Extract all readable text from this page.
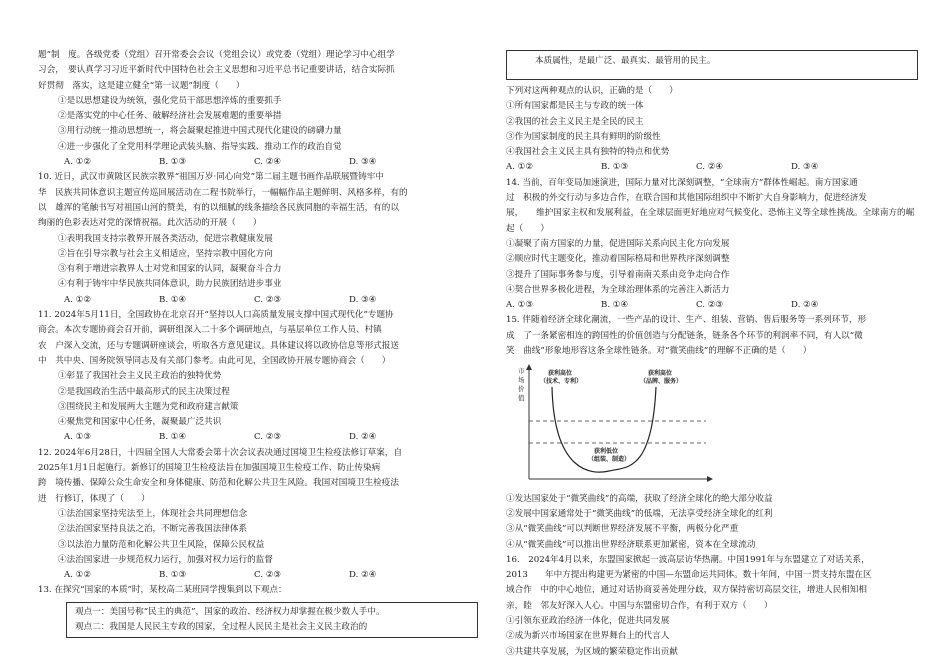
题”制　度。各级党委（党组）召开常委会会议（党组会议）或党委（党组）理论学习中心组学

习会，　要认真学习习近平新时代中国特色社会主义思想和习近平总书记重要讲话，结合实际抓

好贯彻　落实，这是建立健全“第一议题”制度（　　）

①是以思想建设为统领，强化党员干部思想淬炼的重要抓手

②是落实党的中心任务、破解经济社会发展难题的重要举措

③用行动统一推动思想统一，将会凝聚起推进中国式现代化建设的磅礴力量

④进一步强化了全党用科学理论武装头脑、指导实践、推动工作的政治自觉

A. ①②	B. ①③	C. ②④	D. ③④

10. 近日，武汉市黄陂区民族宗教界“祖国万岁·同心向党”第二届主题书画作品联展暨铸牢中

华　民族共同体意识主题宣传巡回展活动在二程书院举行，一幅幅作品主题鲜明、风格多样，有的

以　雄浑的笔触书写对祖国山河的赞美，有的以细腻的线条描绘各民族同胞的幸福生活，有的以

绚丽的色彩表达对党的深情祝福。此次活动的开展（　　）

①表明我国支持宗教界开展各类活动，促进宗教健康发展

②旨在引导宗教与社会主义相适应，坚持宗教中国化方向

③有利于增进宗教界人士对党和国家的认同，凝聚奋斗合力

④有利于铸牢中华民族共同体意识，助力民族团结进步事业

A. ①②	B. ①④	C. ②③	D. ③④

11. 2024年5月11日，全国政协在北京召开“坚持以人口高质量发展支撑中国式现代化”专题协

商会。本次专题协商会召开前，调研组深入二十多个调研地点，与基层单位工作人员、村镇

农　户深入交流，还与专题调研座谈会，听取各方意见建议。具体建议将以政协信息等形式报送

中　共中央、国务院领导同志及有关部门参考。由此可见，全国政协开展专题协商会（　　）

①彰显了我国社会主义民主政治的独特优势

②是我国政治生活中最高形式的民主决策过程

③围绕民主和发展两大主题为党和政府建言献策

④聚焦党和国家中心任务，凝聚最广泛共识

A. ①③	B. ①④	C. ②③	D. ②④

12. 2024年6月28日，十四届全国人大常委会第十次会议表决通过国境卫生检疫法修订草案，自

2025年1月1日起施行。新修订的国境卫生检疫法旨在加强国境卫生检疫工作、防止传染病

跨　境传播、保障公众生命安全和身体健康、防范和化解公共卫生风险。我国对国境卫生检疫法

进　行修订，体现了（　　）

①法治国家坚持宪法至上，体现社会共同理想信念

②法治国家坚持良法之治，不断完善我国法律体系

③以法治力量防范和化解公共卫生风险，保障公民权益

④法治国家进一步规范权力运行，加强对权力运行的监督

A. ①②	B. ①③	C. ②③	D. ②④

13. 在探究“国家的本质”时，某校高二某班同学搜集到以下观点：

观点一：美国号称“民主的典范”，国家的政治、经济权力却掌握在极少数人手中。

观点二：我国是人民民主专政的国家，全过程人民民主是社会主义民主政治的

本质属性，是最广泛、最真实、最管用的民主。

下列对这两种观点的认识，正确的是（　　）

①所有国家都是民主与专政的统一体

②我国的社会主义民主是全民的民主

③作为国家制度的民主具有鲜明的阶级性

④我国社会主义民主具有独特的特点和优势

A. ①②	B. ①③	C. ②④	D. ③④

14. 当前，百年变局加速演进，国际力量对比深刻调整，“全球南方”群体性崛起。南方国家通

过　积极的外交行动与多边合作，在联合国和其他国际组织中不断扩大自身影响力，促进经济发

展，　　维护国家主权和发展利益，在全球层面更好地应对气候变化、恐怖主义等全球性挑战。全球南方的崛起（　　）

①凝聚了南方国家的力量，促进国际关系向民主化方向发展

②顺应时代主题变化，推动着国际格局和世界秩序深刻调整

③提升了国际事务参与度，引导着南南关系由竞争走向合作

④契合世界多极化进程，为全球治理体系的完善注入新活力

A. ①③	B. ①④	C. ②③	D. ②④

15. 伴随着经济全球化潮流，一些产品的设计、生产、组装、营销、售后服务等一系列环节，形

成　了一条紧密相连的跨国性的价值创造与分配链条，链条各个环节的利润率不同，有人以“微

笑　曲线”形象地形容这条全球性链条。对“微笑曲线”的理解不正确的是（　　）

市
场
价
值
获利高位
（技术、专利）
获利高位
（品牌、服务）
获利低位
（组装、制造）

①发达国家处于“微笑曲线”的高端，获取了经济全球化的绝大部分收益

②发展中国家通常处于“微笑曲线”的低端，无法享受经济全球化的红利

③从“微笑曲线”可以判断世界经济发展不平衡，两极分化严重

④从“微笑曲线”可以推出世界经济联系更加紧密，资本在全球流动

16.　2024年4月以来，东盟国家掀起一波高层访华热潮。中国1991年与东盟建立了对话关系，

2013　　年中方提出构建更为紧密的中国—东盟命运共同体。数十年间，中国一贯支持东盟在区

域合作　中的中心地位，通过对话协商妥善处理分歧，双方保持密切高层交往，增进人民相知相

亲，睦　邻友好深入人心。中国与东盟密切合作，有利于双方（　　）

①引领东亚政治经济一体化，促进共同发展

②成为新兴市场国家在世界舞台上的代言人

③共建共享发展，为区域的繁荣稳定作出贡献
